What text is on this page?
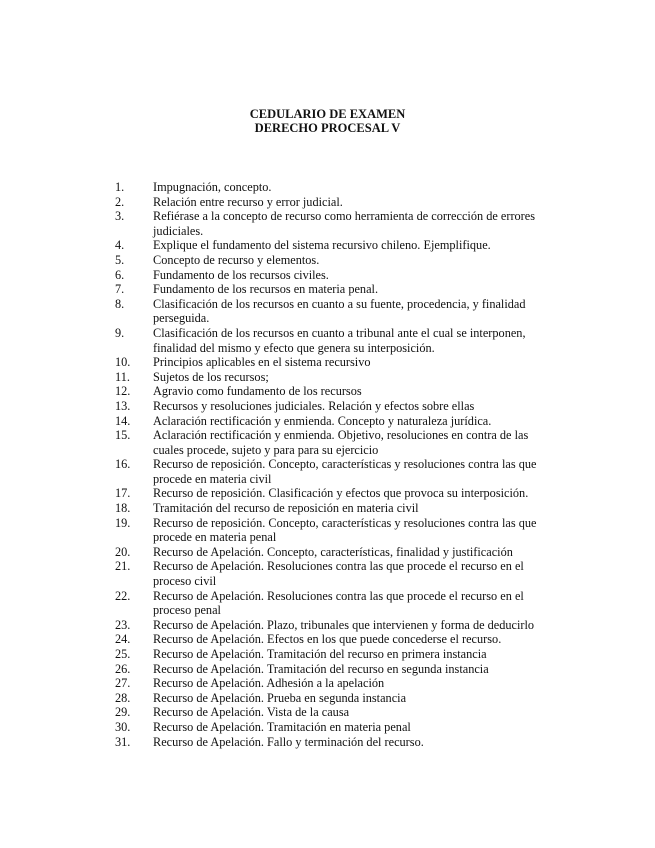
CEDULARIO DE EXAMEN
DERECHO PROCESAL V
1.	Impugnación, concepto.
2.	Relación entre recurso y error judicial.
3.	Refiérase a la concepto de recurso como herramienta de corrección de errores judiciales.
4.	Explique el fundamento del sistema recursivo chileno. Ejemplifique.
5.	Concepto de recurso y elementos.
6.	Fundamento de los recursos civiles.
7.	Fundamento de los recursos en materia penal.
8.	Clasificación de los recursos en cuanto a su fuente, procedencia, y finalidad perseguida.
9.	Clasificación de los recursos en cuanto a tribunal ante el cual se interponen, finalidad del mismo y efecto que genera su interposición.
10.	Principios aplicables en el sistema recursivo
11.	Sujetos de los recursos;
12.	Agravio como fundamento de los recursos
13.	Recursos y resoluciones judiciales. Relación y efectos sobre ellas
14.	Aclaración rectificación y enmienda. Concepto y naturaleza jurídica.
15.	Aclaración rectificación y enmienda. Objetivo, resoluciones en contra de las cuales procede, sujeto y para para su ejercicio
16.	Recurso de reposición. Concepto, características y resoluciones contra las que procede en materia civil
17.	Recurso de reposición. Clasificación y efectos que provoca su interposición.
18.	Tramitación del recurso de reposición en materia civil
19.	Recurso de reposición. Concepto, características y resoluciones contra las que procede en materia penal
20.	Recurso de Apelación. Concepto, características, finalidad y justificación
21.	Recurso de Apelación. Resoluciones contra las que procede el recurso en el proceso civil
22.	Recurso de Apelación. Resoluciones contra las que procede el recurso en el proceso penal
23.	Recurso de Apelación. Plazo, tribunales que intervienen y forma de deducirlo
24.	Recurso de Apelación. Efectos en los que puede concederse el recurso.
25.	Recurso de Apelación. Tramitación del recurso en primera instancia
26.	Recurso de Apelación. Tramitación del recurso en segunda instancia
27.	Recurso de Apelación. Adhesión a la apelación
28.	Recurso de Apelación. Prueba en segunda instancia
29.	Recurso de Apelación. Vista de la causa
30.	Recurso de Apelación. Tramitación en materia penal
31.	Recurso de Apelación. Fallo y terminación del recurso.
